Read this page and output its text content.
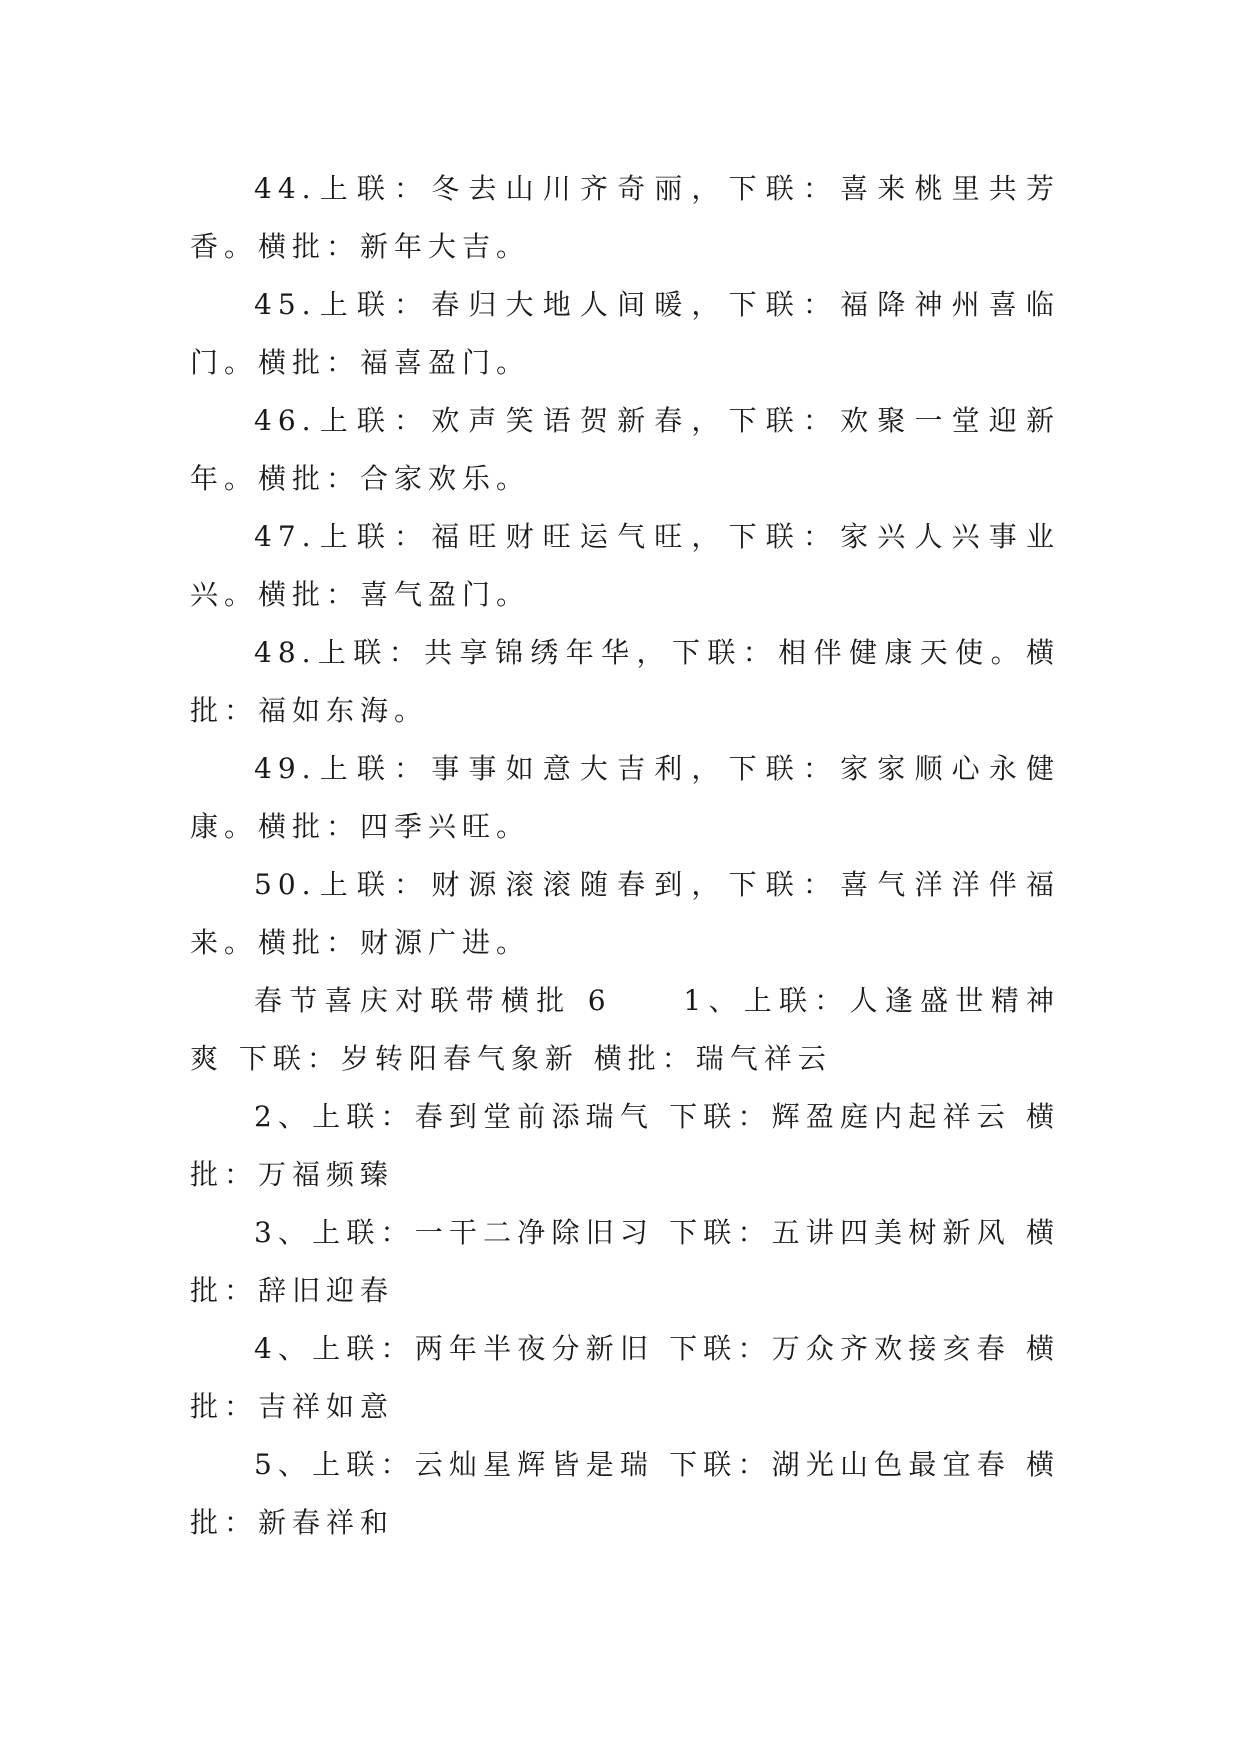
44.上联：冬去山川齐奇丽，下联：喜来桃里共芳香。横批：新年大吉。

45.上联：春归大地人间暖，下联：福降神州喜临门。横批：福喜盈门。

46.上联：欢声笑语贺新春，下联：欢聚一堂迎新年。横批：合家欢乐。

47.上联：福旺财旺运气旺，下联：家兴人兴事业兴。横批：喜气盈门。

48.上联：共享锦绣年华，下联：相伴健康天使。横批：福如东海。

49.上联：事事如意大吉利，下联：家家顺心永健康。横批：四季兴旺。

50.上联：财源滚滚随春到，下联：喜气洋洋伴福来。横批：财源广进。

春节喜庆对联带横批 6　　1、上联：人逢盛世精神爽 下联：岁转阳春气象新 横批：瑞气祥云

2、上联：春到堂前添瑞气 下联：辉盈庭内起祥云 横批：万福频臻

3、上联：一干二净除旧习 下联：五讲四美树新风 横批：辞旧迎春

4、上联：两年半夜分新旧 下联：万众齐欢接亥春 横批：吉祥如意

5、上联：云灿星辉皆是瑞 下联：湖光山色最宜春 横批：新春祥和
